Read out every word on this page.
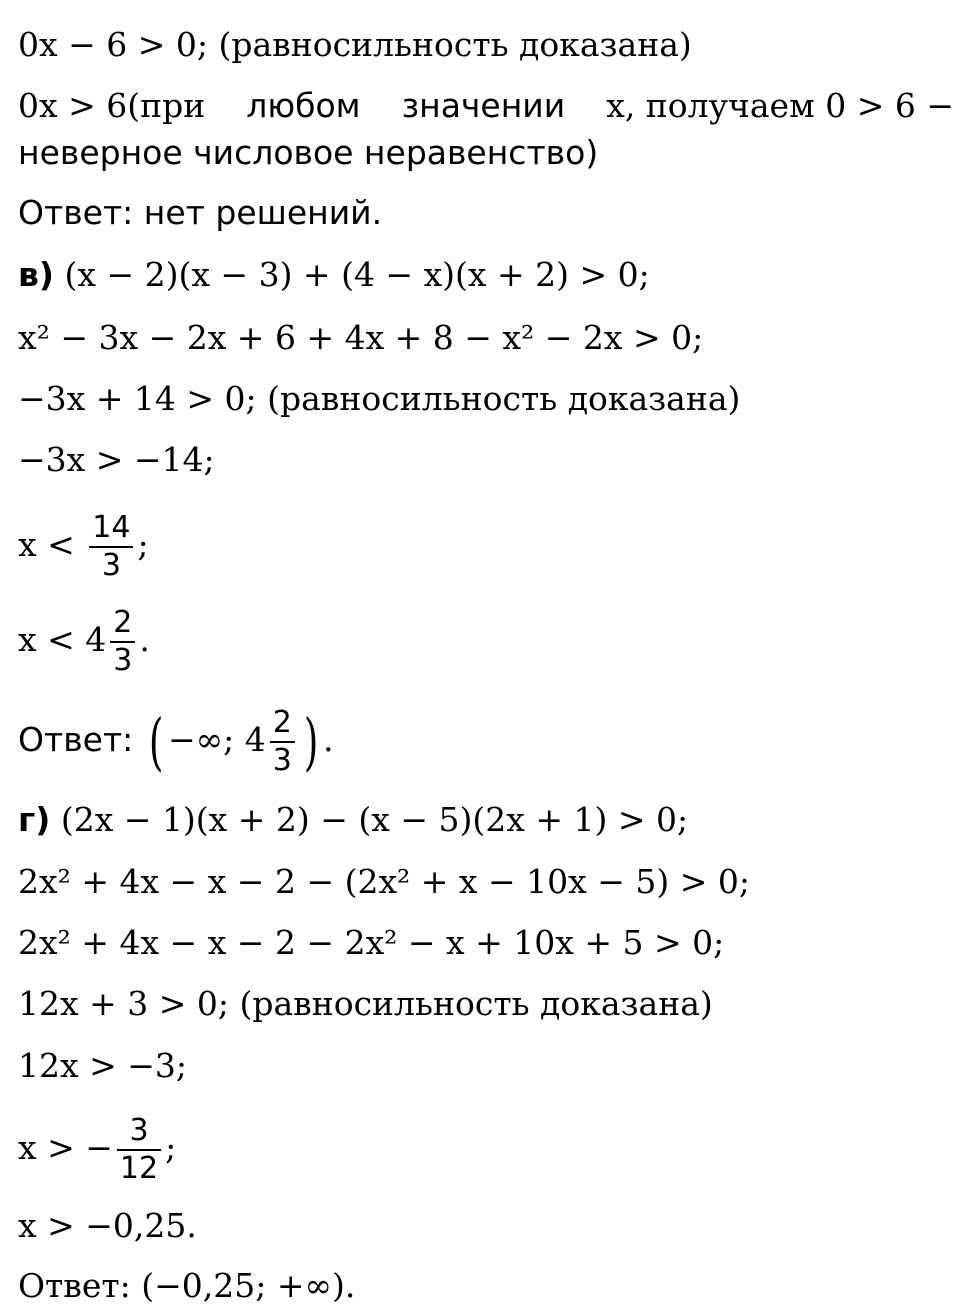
0x − 6 > 0; (равносильность доказана)
0x > 6(при любом значении x, получаем 0 > 6 −
неверное числовое неравенство)
Ответ: нет решений.
в) (x − 2)(x − 3) + (4 − x)(x + 2) > 0;
x² − 3x − 2x + 6 + 4x + 8 − x² − 2x > 0;
−3x + 14 > 0; (равносильность доказана)
−3x > −14;
$x < \frac{14}{3}$ ;
$x < 4 \frac{2}{3}$ .
Ответ: ( −∞; $4 \frac{2}{3}$ ) .
г) (2x − 1)(x + 2) − (x − 5)(2x + 1) > 0;
2x² + 4x − x − 2 − (2x² + x − 10x − 5) > 0;
2x² + 4x − x − 2 − 2x² − x + 10x + 5 > 0;
12x + 3 > 0; (равносильность доказана)
12x > −3;
x > − $\frac{3}{12}$ ;
x > −0,25.
Ответ: (−0,25; +∞).
